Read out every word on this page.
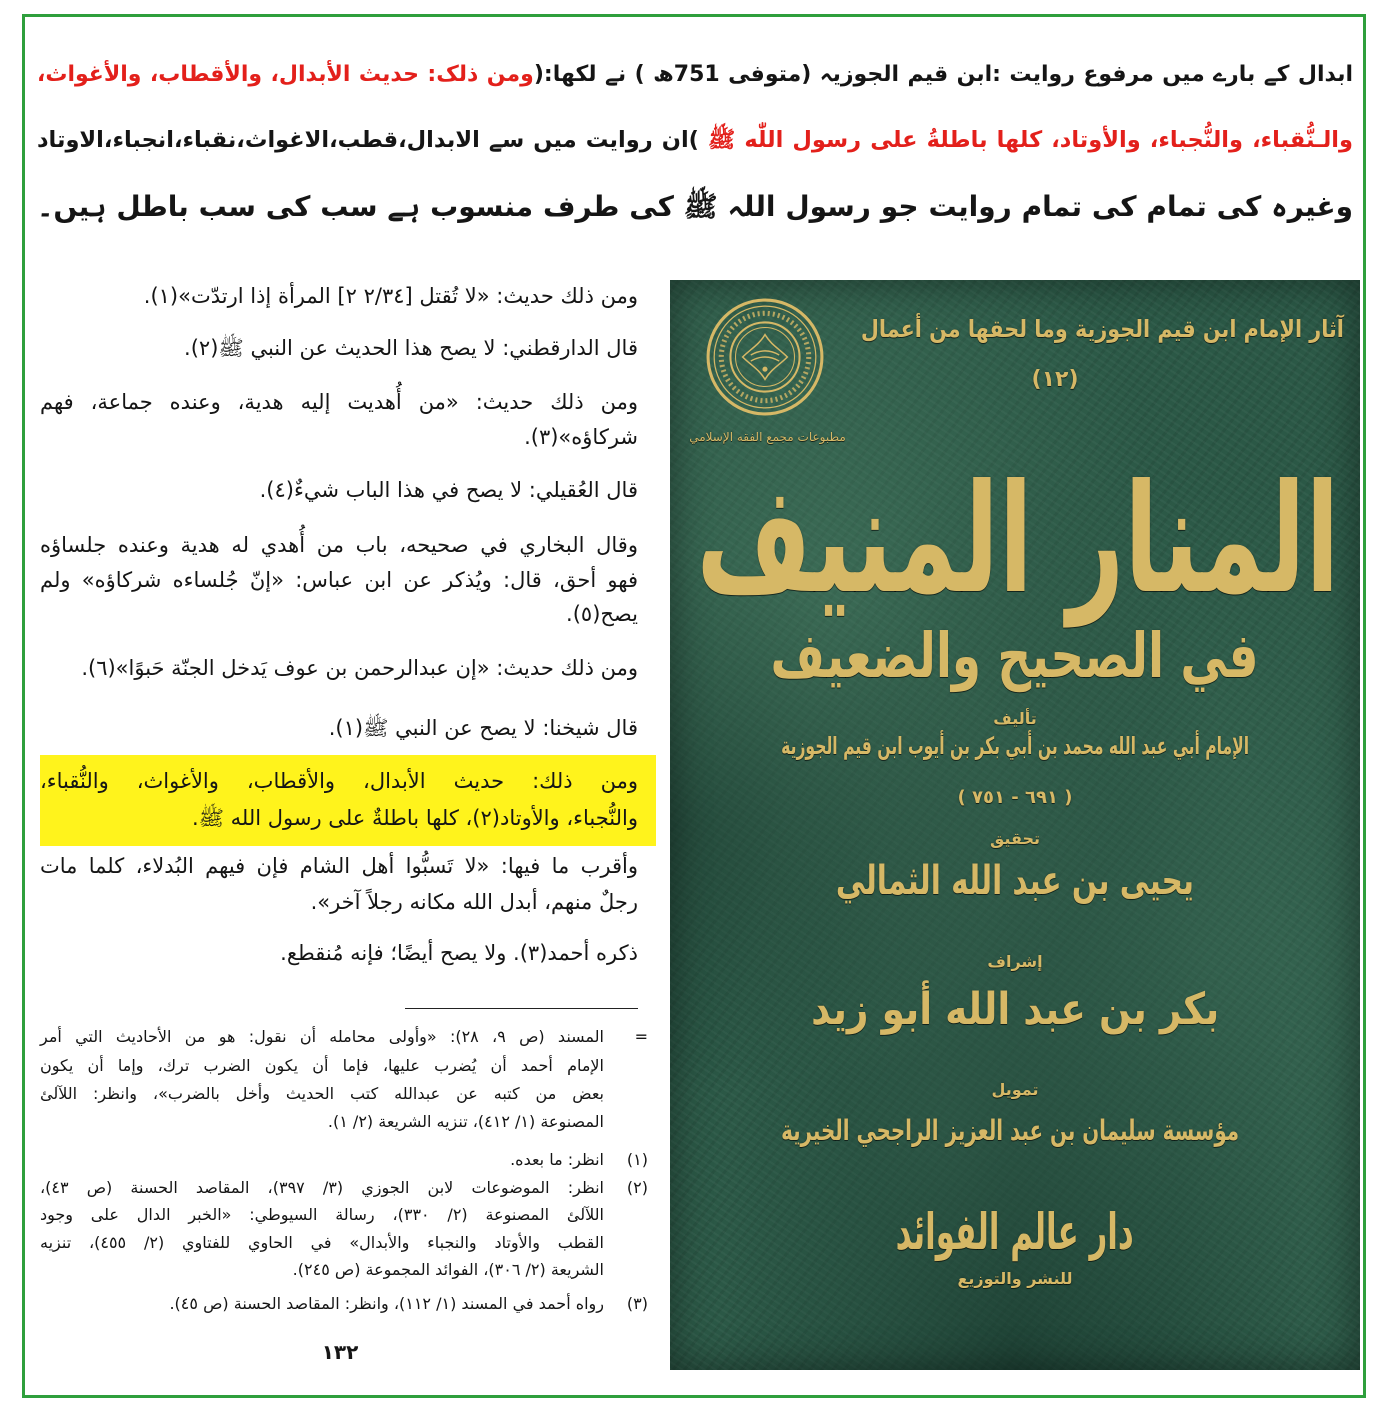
ابدال کے بارے میں مرفوع روایت :ابن قیم الجوزیہ (متوفی 751ھ ) نے لکھا:(ومن ذلک: حديث الأبدال، والأقطاب، والأغواث،
والـنُّقباء، والنُّجباء، والأوتاد، كلها باطلةُ على رسول اللّٰه ﷺ )ان روایت میں سے الابدال،قطب،الاغواث،نقباء،انجباء،الاوتاد
وغیرہ کی تمام کی تمام روایت جو رسول اللہ ﷺ کی طرف منسوب ہے سب کی سب باطل ہیں۔
ومن ذلك حديث: «لا تُقتل [٢/٣٤ ٢] المرأة إذا ارتدّت»(١).
قال الدارقطني: لا يصح هذا الحديث عن النبي ﷺ(٢).
ومن ذلك حديث: «من أُهديت إليه هدية، وعنده جماعة، فهم
شركاؤه»(٣).
قال العُقيلي: لا يصح في هذا الباب شيءٌ(٤).
وقال البخاري في صحيحه، باب من أُهدي له هدية وعنده جلساؤه
فهو أحق، قال: ويُذكر عن ابن عباس: «إنّ جُلساءه شركاؤه» ولم
يصح(٥).
ومن ذلك حديث: «إن عبدالرحمن بن عوف يَدخل الجنّة حَبوًا»(٦).
قال شيخنا: لا يصح عن النبي ﷺ(١).
ومن ذلك: حديث الأبدال، والأقطاب، والأغواث، والنُّقباء،
والنُّجباء، والأوتاد(٢)، كلها باطلةٌ على رسول الله ﷺ.
وأقرب ما فيها: «لا تَسبُّوا أهل الشام فإن فيهم البُدلاء، كلما مات
رجلٌ منهم، أبدل الله مكانه رجلاً آخر».
ذكره أحمد(٣). ولا يصح أيضًا؛ فإنه مُنقطع.
=
المسند (ص ٩، ٢٨): «وأولى محامله أن نقول: هو من الأحاديث التي أمر
الإمام أحمد أن يُضرب عليها، فإما أن يكون الضرب ترك، وإما أن يكون
بعض من كتبه عن عبدالله كتب الحديث وأخل بالضرب»، وانظر: اللآلئ
المصنوعة (١/ ٤١٢)، تنزيه الشريعة (٢/ ١).
(١)
انظر: ما بعده.
(٢)
انظر: الموضوعات لابن الجوزي (٣/ ٣٩٧)، المقاصد الحسنة (ص ٤٣)،
اللآلئ المصنوعة (٢/ ٣٣٠)، رسالة السيوطي: «الخبر الدال على وجود
القطب والأوتاد والنجباء والأبدال» في الحاوي للفتاوي (٢/ ٤٥٥)، تنزيه
الشريعة (٢/ ٣٠٦)، الفوائد المجموعة (ص ٢٤٥).
(٣)
رواه أحمد في المسند (١/ ١١٢)، وانظر: المقاصد الحسنة (ص ٤٥).
١٣٢
مطبوعات مجمع الفقه الإسلامي
آثار الإمام ابن قيم الجوزية وما لحقها من أعمال
(١٢)
المنار المنيف
في الصحيح والضعيف
تأليف
الإمام أبي عبد الله محمد بن أبي بكر بن أيوب ابن قيم الجوزية
( ٦٩١ - ٧٥١ )
تحقيق
يحيى بن عبد الله الثمالي
إشراف
بكر بن عبد الله أبو زيد
تمويل
مؤسسة سليمان بن عبد العزيز الراجحي الخيرية
دار عالم الفوائد
للنشر والتوزيع
